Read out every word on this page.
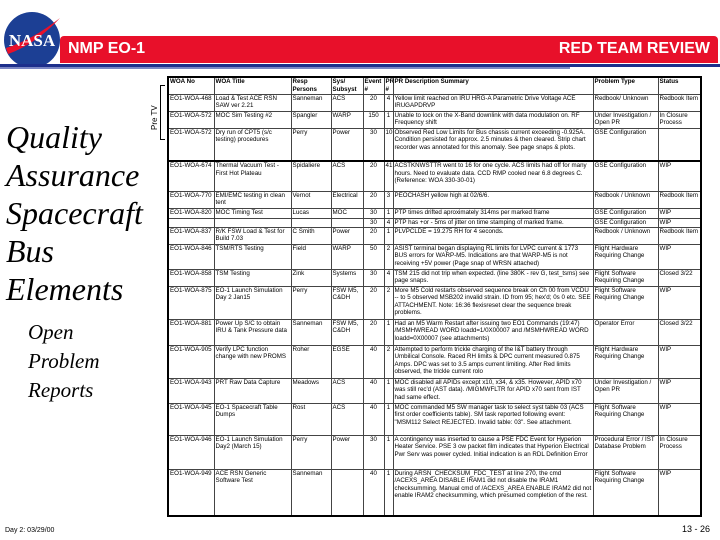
NASA NMP EO-1	RED TEAM REVIEW
Pre TV
Quality
Assurance
Spacecraft
Bus
Elements
Open
Problem
Reports
WOA No	WOA Title	Resp Persons	Sys/ Subsyst	Event #	PR #	PR Description Summary	Problem Type	Status
EO1-WOA-468	Load & Test ACE RSN SAW ver 2.21	Sanneman	ACS	20	4	Yellow limit reached on IRU HRG-A Parametric Drive Voltage ACE IRUGAPDRVP	Redbook/ Unknown	Redbook Item
EO1-WOA-572	MOC Sim Testing #2	Spangler	WARP	150	1	Unable to lock on the X-Band downlink with data modulation on. RF Frequency shift	Under Investigation / Open PR	In Closure Process
EO1-WOA-572	Dry run of CPT5 (s/c testing) procedures	Perry	Power	30	10	Observed Red Low Limits for Bus chassis current exceeding -0.925A. Condition persisted for approx. 2.5 minutes & then cleared. Strip chart recorder was annotated for this anomaly. See page snaps & plots.	GSE Configuration	
EO1-WOA-674	Thermal Vacuum Test - First Hot Plateau	Spidaliere	ACS	20	41	ACSTKNWSTTR went to 16 for one cycle. ACS limits had off for many hours. Need to evaluate data. CCD RMP cooled near 6.8 degrees C. (Reference: WOA 330-30-01)	GSE Configuration	WIP
EO1-WOA-770	EMI/EMC testing in clean tent	Vernot	Electrical	20	3	PEOCHASH yellow high at 02/6/6.	Redbook / Unknown	Redbook Item
EO1-WOA-820	MOC Timing Test	Lucas	MOC	30	1	PTP times drifted aproximately 314ms per marked frame	GSE Configuration	WIP
				30	4	PTP has +or - 5ms of jitter on time stamping of marked frame.	GSE Configuration	WIP
EO1-WOA-837	R/K FSW Load & Test for Build 7.03	C Smith	Power	20	1	PLVPCLDE = 19.275 RH for 4 seconds.	Redbook / Unknown	Redbook Item
EO1-WOA-846	TSM/RTS Testing	Field	WARP	50	2	ASIST terminal began displaying RL limits for LVPC current & 1773 BUS errors for WARP-M5. Indications are that WARP-M5 is not receiving +5V power (Page snap of WRSN attached)	Flight Hardware Requiring Change	WIP
EO1-WOA-858	TSM Testing	Zink	Systems	30	4	TSM 215 did not trip when expected. (line 380K - rev G, test_tsms) see page snaps.	Flight Software Requiring Change	Closed 3/22
EO1-WOA-875	EO-1 Launch Simulation Day 2 Jan15	Perry	FSW M5, C&DH	20	2	More M5 Cold restarts observed sequence break on Ch 00 from VCDU -- to 5 observed MSB202 invalid strain. ID from 95; hex'd; 0s 0 etc. SEE ATTACHMENT. Note: 16:36 flexisreset clear the sequence break problems.	Flight Software Requiring Change	WIP
EO1-WOA-881	Power Up S/C to obtain IRU & Tank Pressure data	Sanneman	FSW M5, C&DH	20	1	Had an M5 Warm Restart after issuing two EO1 Commands (19:47) /MSMHWREAD WORD loadd=1/0X00007 and /MSMHWREAD WORD loadd=0X00007 (see attachments)	Operator Error	Closed 3/22
EO1-WOA-905	Verify LPC function change with new PROMS	Roher	EGSE	40	2	Attempted to perform trickle charging of the I&T battery through Umbilical Console. Raced RH limits & DPC current measured 0.875 Amps. DPC was set to 3.5 amps current limiting. After Red limits observed, the trickle current rolo	Flight Hardware Requiring Change	WIP
EO1-WOA-943	PRT Raw Data Capture	Meadows	ACS	40	1	MOC disabled all APIDs except x10, x34, & x35. However, APID x70 was still rec'd (AST data). /MIGMWFLTR for APID x70 sent from IST had same effect.	Under Investigation / Open PR	WIP
EO1-WOA-945	EO-1 Spacecraft Table Dumps	Rost	ACS	40	1	MOC commanded M5 SW manager task to select syst table 03 (ACS first order coefficients table). SM task reported following event: "MSM112 Select REJECTED. Invalid table: 03". See attachment.	Flight Software Requiring Change	WIP
EO1-WOA-946	EO-1 Launch Simulation Day2 (March 15)	Perry	Power	30	1	A contingency was inserted to cause a PSE FDC Event for Hyperion Heater Service. PSE 3 ow packet film indicates that Hyperion Electrical Pwr Serv was power cycled. Initial indication is an RDL Definition Error	Procedural Error / IST Database Problem	In Closure Process
EO1-WOA-949	ACE RSN Generic Software Test	Sanneman		40	1	During ARSN_CHECKSUM_FDC_TEST at line 270, the cmd /ACEXS_AREA DISABLE IRAM1 did not disable the IRAM1 checksumming. Manual cmd of /ACEXS_AREA ENABLE IRAM2 did not enable IRAM2 checksumming, which presumed completion of the rest.	Flight Software Requiring Change	WIP
Day 2: 03/29/00	13 - 26
